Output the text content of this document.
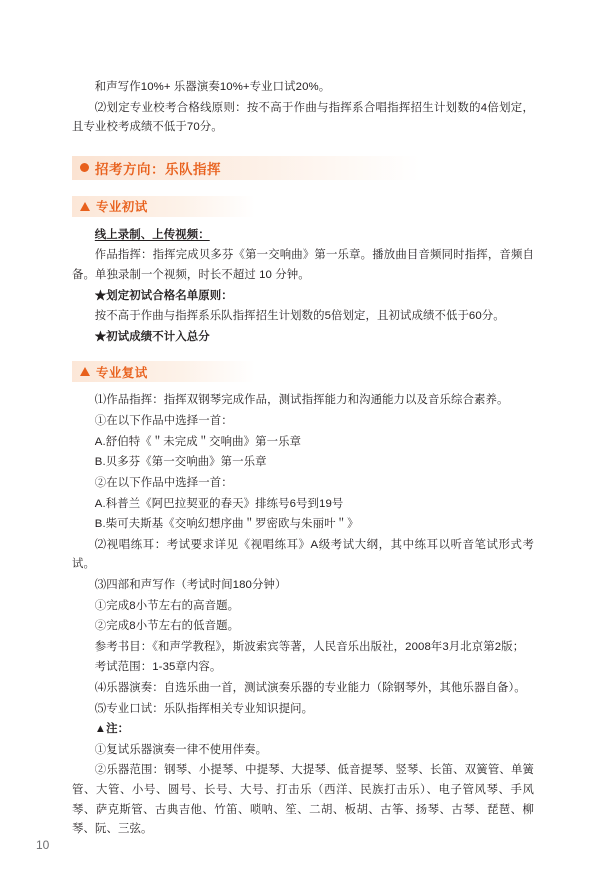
和声写作10%+ 乐器演奏10%+专业口试20%。

⑵划定专业校考合格线原则：按不高于作曲与指挥系合唱指挥招生计划数的4倍划定，且专业校考成绩不低于70分。

招考方向：乐队指挥
专业初试

线上录制、上传视频：

作品指挥：指挥完成贝多芬《第一交响曲》第一乐章。播放曲目音频同时指挥，音频自备。单独录制一个视频，时长不超过 10 分钟。

★划定初试合格名单原则：

按不高于作曲与指挥系乐队指挥招生计划数的5倍划定，且初试成绩不低于60分。

★初试成绩不计入总分

专业复试

⑴作品指挥：指挥双钢琴完成作品，测试指挥能力和沟通能力以及音乐综合素养。

①在以下作品中选择一首：

A.舒伯特《＂未完成＂交响曲》第一乐章

B.贝多芬《第一交响曲》第一乐章

②在以下作品中选择一首：

A.科普兰《阿巴拉契亚的春天》排练号6号到19号

B.柴可夫斯基《交响幻想序曲＂罗密欧与朱丽叶＂》

⑵视唱练耳：考试要求详见《视唱练耳》A级考试大纲，其中练耳以听音笔试形式考试。

⑶四部和声写作（考试时间180分钟）

①完成8小节左右的高音题。

②完成8小节左右的低音题。

参考书目：《和声学教程》，斯波索宾等著，人民音乐出版社，2008年3月北京第2版；

考试范围：1-35章内容。

⑷乐器演奏：自选乐曲一首，测试演奏乐器的专业能力（除钢琴外，其他乐器自备）。

⑸专业口试：乐队指挥相关专业知识提问。

▲注：

①复试乐器演奏一律不使用伴奏。

②乐器范围：钢琴、小提琴、中提琴、大提琴、低音提琴、竖琴、长笛、双簧管、单簧管、大管、小号、圆号、长号、大号、打击乐（西洋、民族打击乐）、电子管风琴、手风琴、萨克斯管、古典吉他、竹笛、唢呐、笙、二胡、板胡、古筝、扬琴、古琴、琵琶、柳琴、阮、三弦。

10
